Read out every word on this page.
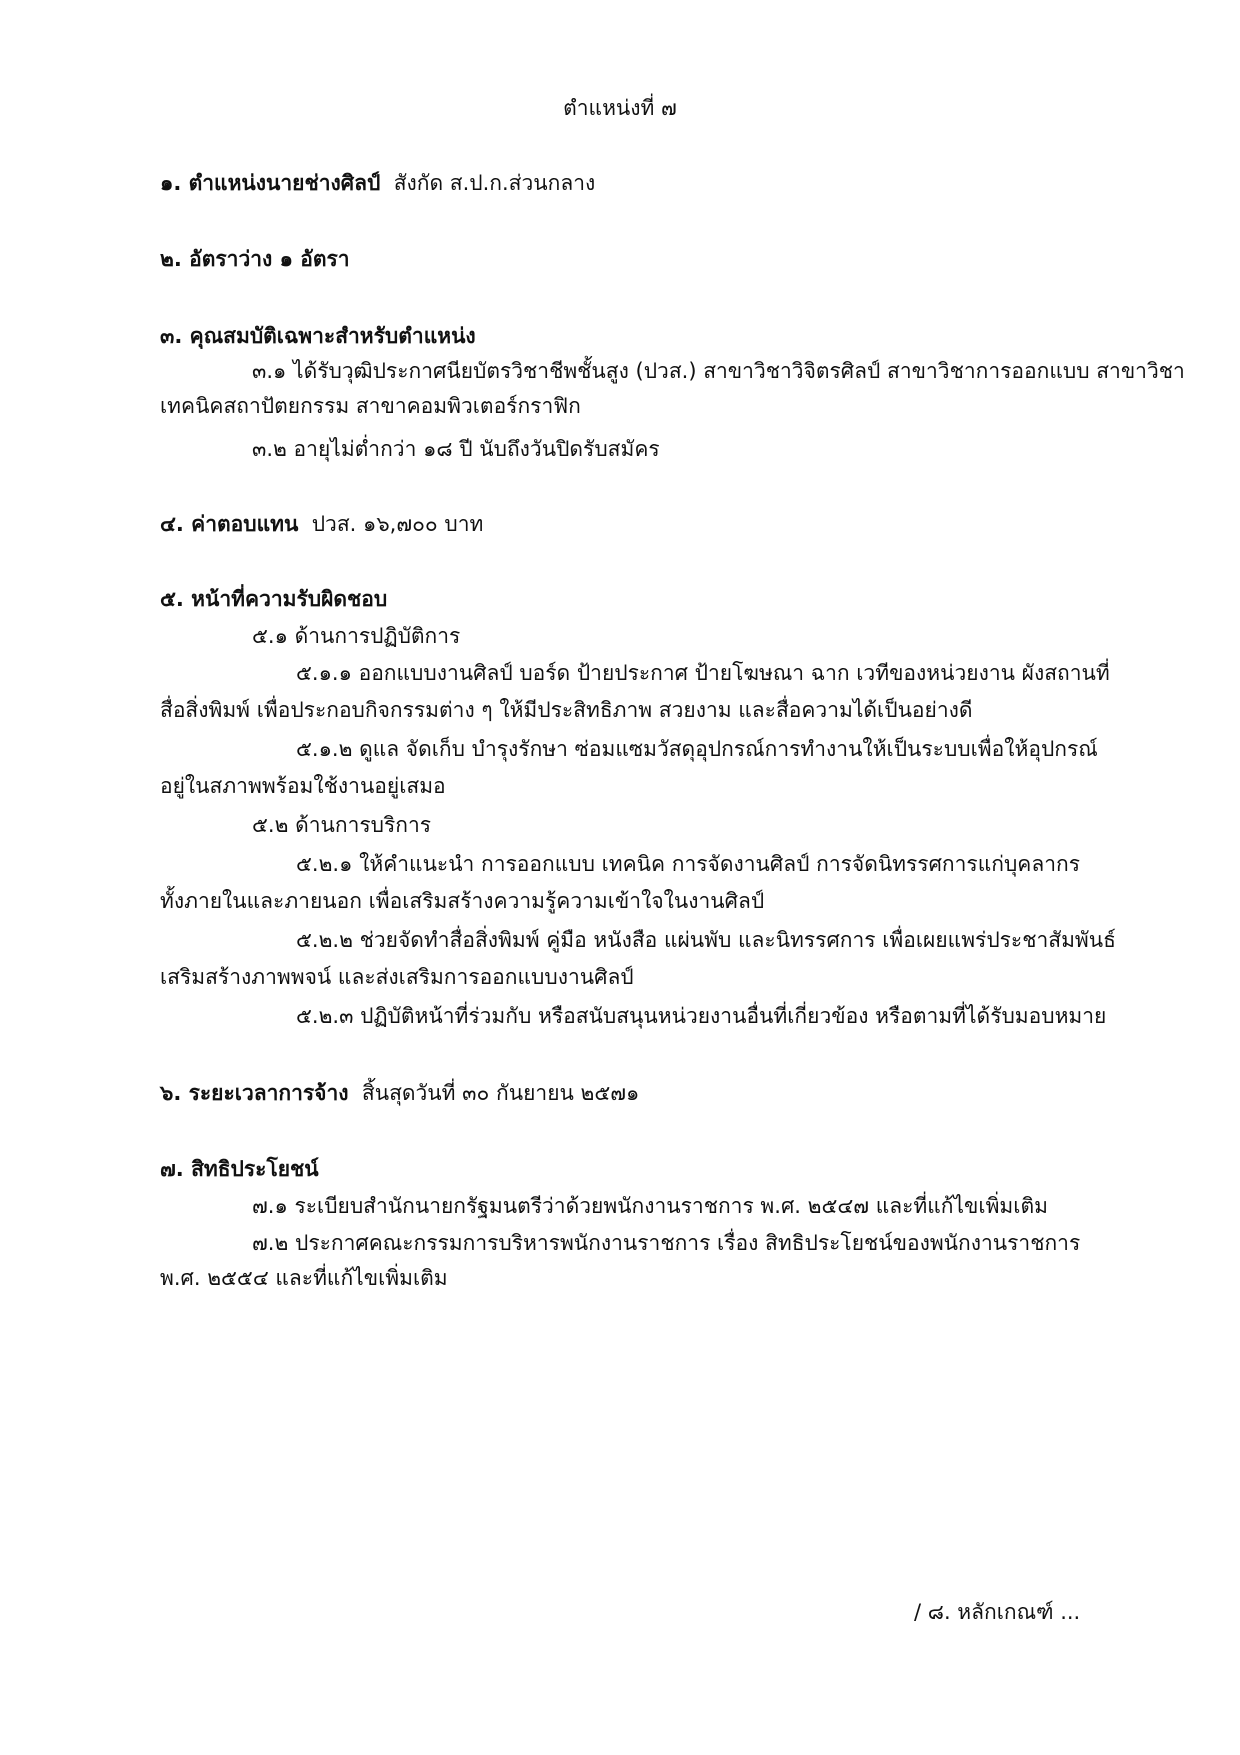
ตำแหน่งที่ ๗
๑. ตำแหน่งนายช่างศิลป์ สังกัด ส.ป.ก.ส่วนกลาง
๒. อัตราว่าง ๑ อัตรา
๓. คุณสมบัติเฉพาะสำหรับตำแหน่ง
๓.๑ ได้รับวุฒิประกาศนียบัตรวิชาชีพชั้นสูง (ปวส.) สาขาวิชาวิจิตรศิลป์ สาขาวิชาการออกแบบ สาขาวิชา
เทคนิคสถาปัตยกรรม สาขาคอมพิวเตอร์กราฟิก
๓.๒ อายุไม่ต่ำกว่า ๑๘ ปี นับถึงวันปิดรับสมัคร
๔. ค่าตอบแทน ปวส. ๑๖,๗๐๐ บาท
๕. หน้าที่ความรับผิดชอบ
๕.๑ ด้านการปฏิบัติการ
๕.๑.๑ ออกแบบงานศิลป์ บอร์ด ป้ายประกาศ ป้ายโฆษณา ฉาก เวทีของหน่วยงาน ผังสถานที่
สื่อสิ่งพิมพ์ เพื่อประกอบกิจกรรมต่าง ๆ ให้มีประสิทธิภาพ สวยงาม และสื่อความได้เป็นอย่างดี
๕.๑.๒ ดูแล จัดเก็บ บำรุงรักษา ซ่อมแซมวัสดุอุปกรณ์การทำงานให้เป็นระบบเพื่อให้อุปกรณ์
อยู่ในสภาพพร้อมใช้งานอยู่เสมอ
๕.๒ ด้านการบริการ
๕.๒.๑ ให้คำแนะนำ การออกแบบ เทคนิค การจัดงานศิลป์ การจัดนิทรรศการแก่บุคลากร
ทั้งภายในและภายนอก เพื่อเสริมสร้างความรู้ความเข้าใจในงานศิลป์
๕.๒.๒ ช่วยจัดทำสื่อสิ่งพิมพ์ คู่มือ หนังสือ แผ่นพับ และนิทรรศการ เพื่อเผยแพร่ประชาสัมพันธ์
เสริมสร้างภาพพจน์ และส่งเสริมการออกแบบงานศิลป์
๕.๒.๓ ปฏิบัติหน้าที่ร่วมกับ หรือสนับสนุนหน่วยงานอื่นที่เกี่ยวข้อง หรือตามที่ได้รับมอบหมาย
๖. ระยะเวลาการจ้าง สิ้นสุดวันที่ ๓๐ กันยายน ๒๕๗๑
๗. สิทธิประโยชน์
๗.๑ ระเบียบสำนักนายกรัฐมนตรีว่าด้วยพนักงานราชการ พ.ศ. ๒๕๔๗ และที่แก้ไขเพิ่มเติม
๗.๒ ประกาศคณะกรรมการบริหารพนักงานราชการ เรื่อง สิทธิประโยชน์ของพนักงานราชการ
พ.ศ. ๒๕๕๔ และที่แก้ไขเพิ่มเติม
/ ๘. หลักเกณฑ์ ...
